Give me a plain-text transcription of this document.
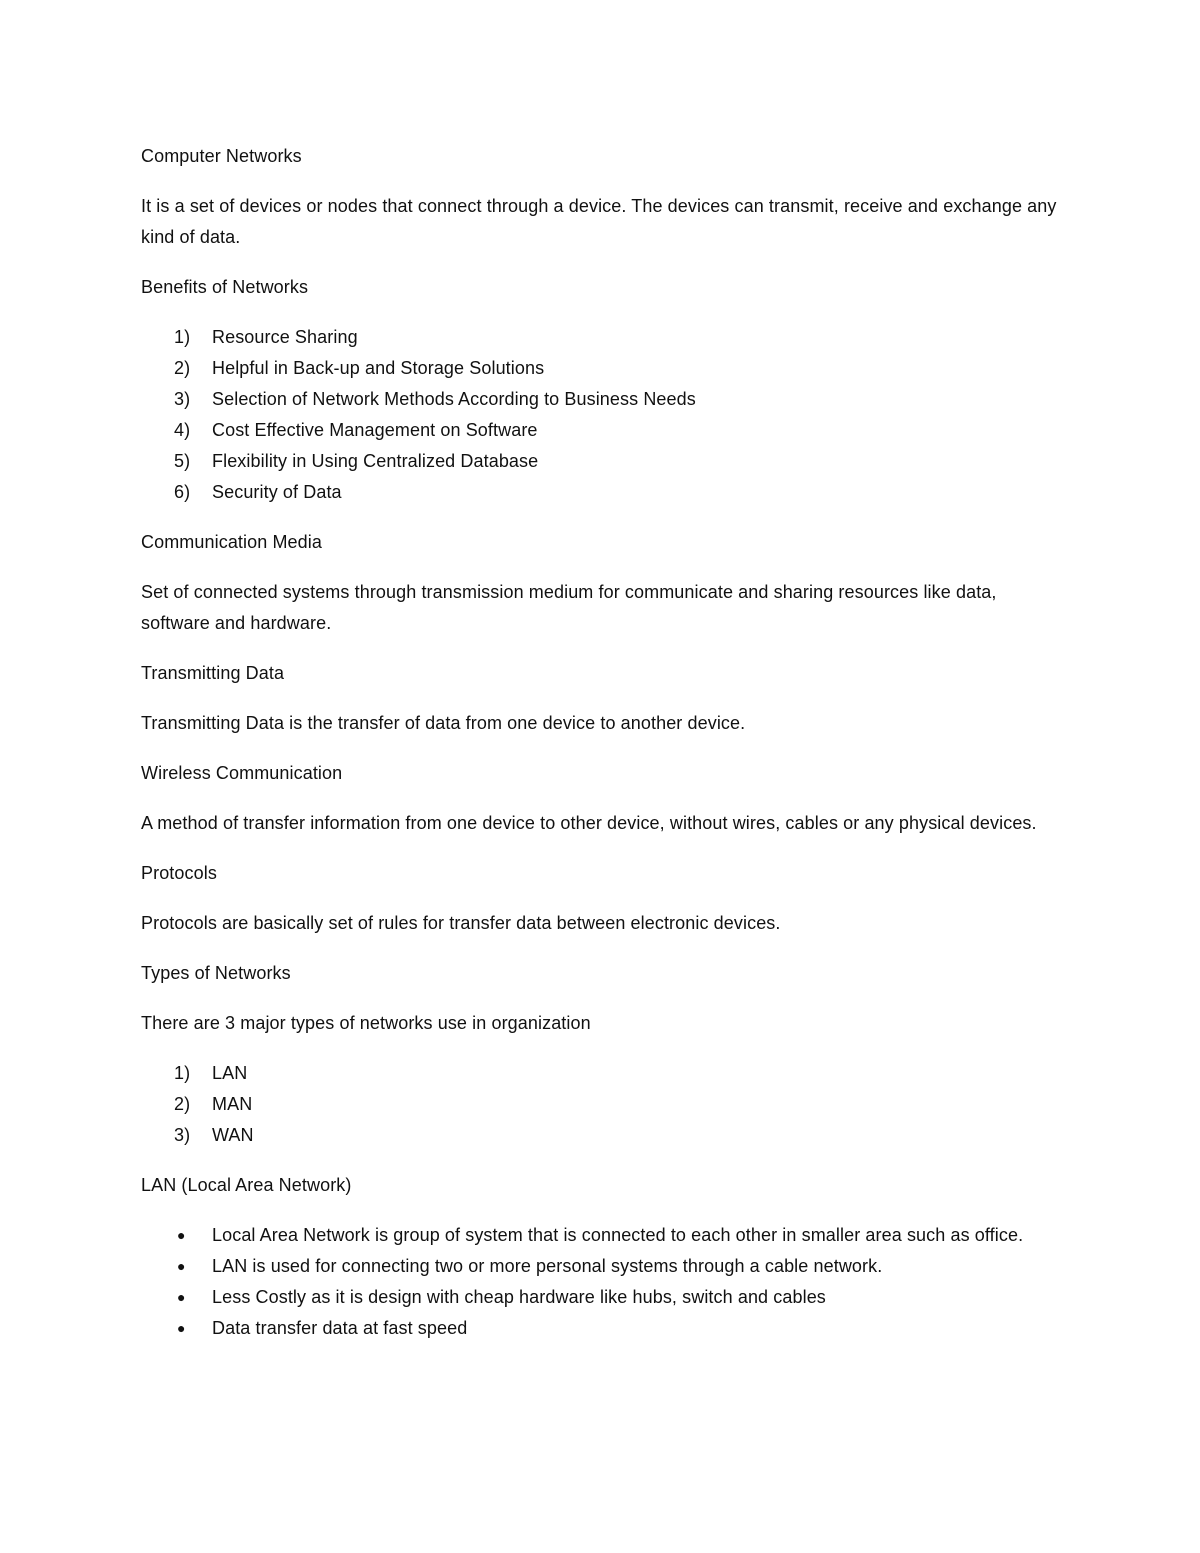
Computer Networks

It is a set of devices or nodes that connect through a device. The devices can transmit, receive and exchange any kind of data.

Benefits of Networks

1) Resource Sharing
2) Helpful in Back-up and Storage Solutions
3) Selection of Network Methods According to Business Needs
4) Cost Effective Management on Software
5) Flexibility in Using Centralized Database
6) Security of Data

Communication Media

Set of connected systems through transmission medium for communicate and sharing resources like data, software and hardware.

Transmitting Data

Transmitting Data is the transfer of data from one device to another device.

Wireless Communication

A method of transfer information from one device to other device, without wires, cables or any physical devices.

Protocols

Protocols are basically set of rules for transfer data between electronic devices.

Types of Networks

There are 3 major types of networks use in organization

1) LAN
2) MAN
3) WAN

LAN (Local Area Network)

● Local Area Network is group of system that is connected to each other in smaller area such as office.
● LAN is used for connecting two or more personal systems through a cable network.
● Less Costly as it is design with cheap hardware like hubs, switch and cables
● Data transfer data at fast speed
